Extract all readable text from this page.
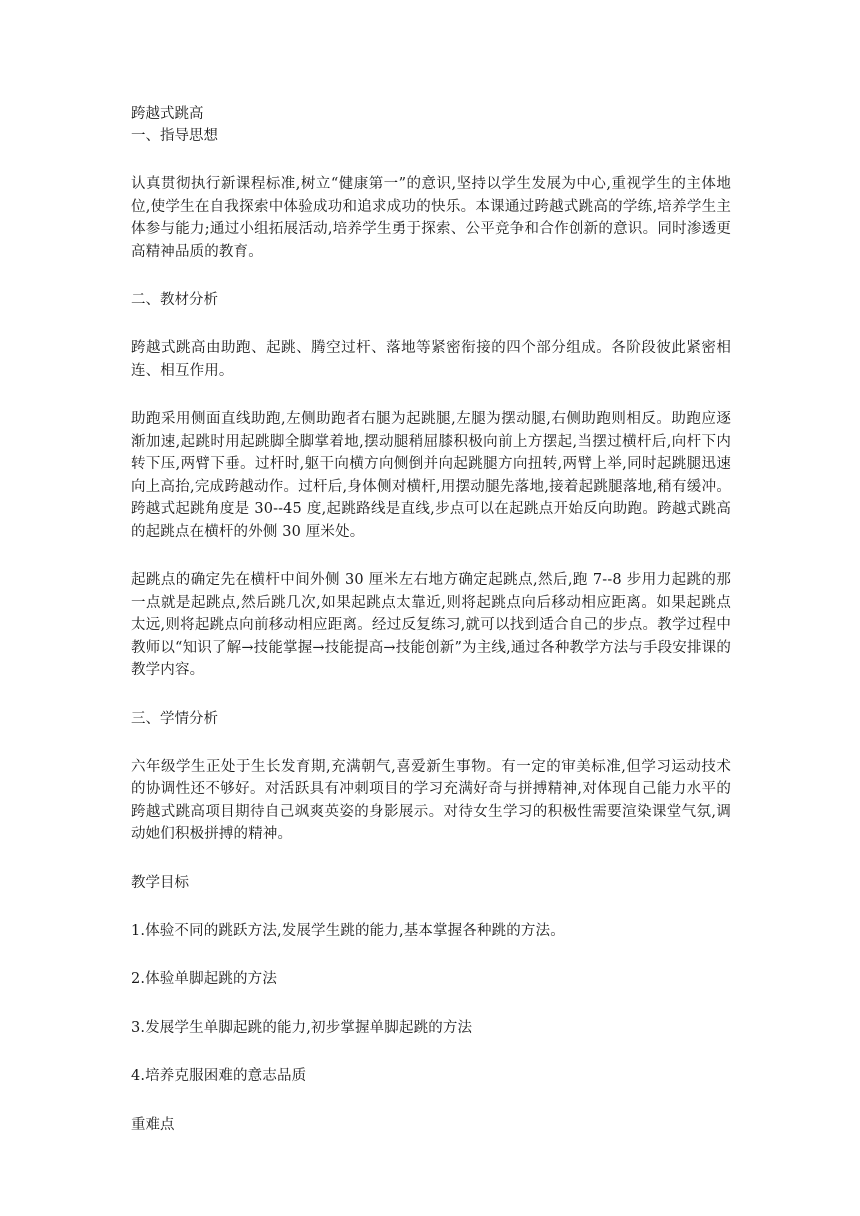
跨越式跳高

一、指导思想

认真贯彻执行新课程标准,树立“健康第一”的意识,坚持以学生发展为中心,重视学生的主体地位,使学生在自我探索中体验成功和追求成功的快乐。本课通过跨越式跳高的学练,培养学生主体参与能力;通过小组拓展活动,培养学生勇于探索、公平竞争和合作创新的意识。同时渗透更高精神品质的教育。

二、教材分析

跨越式跳高由助跑、起跳、腾空过杆、落地等紧密衔接的四个部分组成。各阶段彼此紧密相连、相互作用。

助跑采用侧面直线助跑,左侧助跑者右腿为起跳腿,左腿为摆动腿,右侧助跑则相反。助跑应逐渐加速,起跳时用起跳脚全脚掌着地,摆动腿稍屈膝积极向前上方摆起,当摆过横杆后,向杆下内转下压,两臂下垂。过杆时,躯干向横方向侧倒并向起跳腿方向扭转,两臂上举,同时起跳腿迅速向上高抬,完成跨越动作。过杆后,身体侧对横杆,用摆动腿先落地,接着起跳腿落地,稍有缓冲。跨越式起跳角度是 30--45 度,起跳路线是直线,步点可以在起跳点开始反向助跑。跨越式跳高的起跳点在横杆的外侧 30 厘米处。

起跳点的确定先在横杆中间外侧 30 厘米左右地方确定起跳点,然后,跑 7--8 步用力起跳的那一点就是起跳点,然后跳几次,如果起跳点太靠近,则将起跳点向后移动相应距离。如果起跳点太远,则将起跳点向前移动相应距离。经过反复练习,就可以找到适合自己的步点。教学过程中教师以“知识了解→技能掌握→技能提高→技能创新”为主线,通过各种教学方法与手段安排课的教学内容。

三、学情分析

六年级学生正处于生长发育期,充满朝气,喜爱新生事物。有一定的审美标准,但学习运动技术的协调性还不够好。对活跃具有冲刺项目的学习充满好奇与拼搏精神,对体现自己能力水平的跨越式跳高项目期待自己飒爽英姿的身影展示。对待女生学习的积极性需要渲染课堂气氛,调动她们积极拼搏的精神。

教学目标

1.体验不同的跳跃方法,发展学生跳的能力,基本掌握各种跳的方法。

2.体验单脚起跳的方法

3.发展学生单脚起跳的能力,初步掌握单脚起跳的方法

4.培养克服困难的意志品质

重难点
